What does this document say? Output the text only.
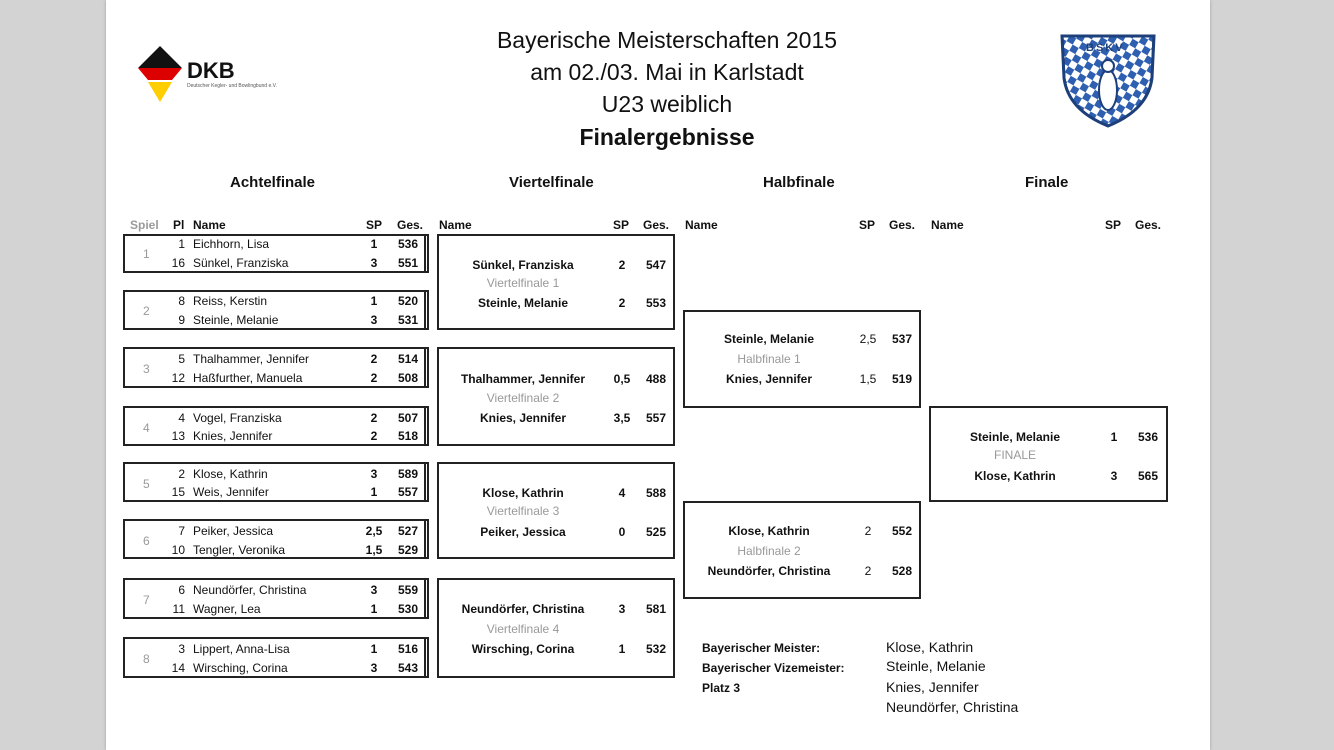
DKB
Deutscher Kegler- und Bowlingbund e.V.
BSKV
Bayerische Meisterschaften 2015
am 02./03. Mai in Karlstadt
U23 weiblich
Finalergebnisse
Achtelfinale	Viertelfinale	Halbfinale	Finale
Spiel Pl Name	SP Ges. Name	SP Ges. Name	SP Ges. Name	SP Ges.
1
1 Eichhorn, Lisa	1	536
16 Sünkel, Franziska	3	551
2
8 Reiss, Kerstin	1	520
9 Steinle, Melanie	3	531
3
5 Thalhammer, Jennifer	2	514
12 Haßfurther, Manuela	2	508
4
4 Vogel, Franziska	2	507
13 Knies, Jennifer	2	518
5
2 Klose, Kathrin	3	589
15 Weis, Jennifer	1	557
6
7 Peiker, Jessica	2,5	527
10 Tengler, Veronika	1,5	529
7
6 Neundörfer, Christina	3	559
11 Wagner, Lea	1	530
8
3 Lippert, Anna-Lisa	1	516
14 Wirsching, Corina	3	543
Sünkel, Franziska	2	547
Viertelfinale 1
Steinle, Melanie	2	553
Thalhammer, Jennifer	0,5	488
Viertelfinale 2
Knies, Jennifer	3,5	557
Klose, Kathrin	4	588
Viertelfinale 3
Peiker, Jessica	0	525
Neundörfer, Christina	3	581
Viertelfinale 4
Wirsching, Corina	1	532
Steinle, Melanie	2,5	537
Halbfinale 1
Knies, Jennifer	1,5	519
Klose, Kathrin	2	552
Halbfinale 2
Neundörfer, Christina	2	528
Steinle, Melanie	1	536
FINALE
Klose, Kathrin	3	565
Bayerischer Meister:	Klose, Kathrin
Bayerischer Vizemeister:	Steinle, Melanie
Platz 3	Knies, Jennifer
Neundörfer, Christina
